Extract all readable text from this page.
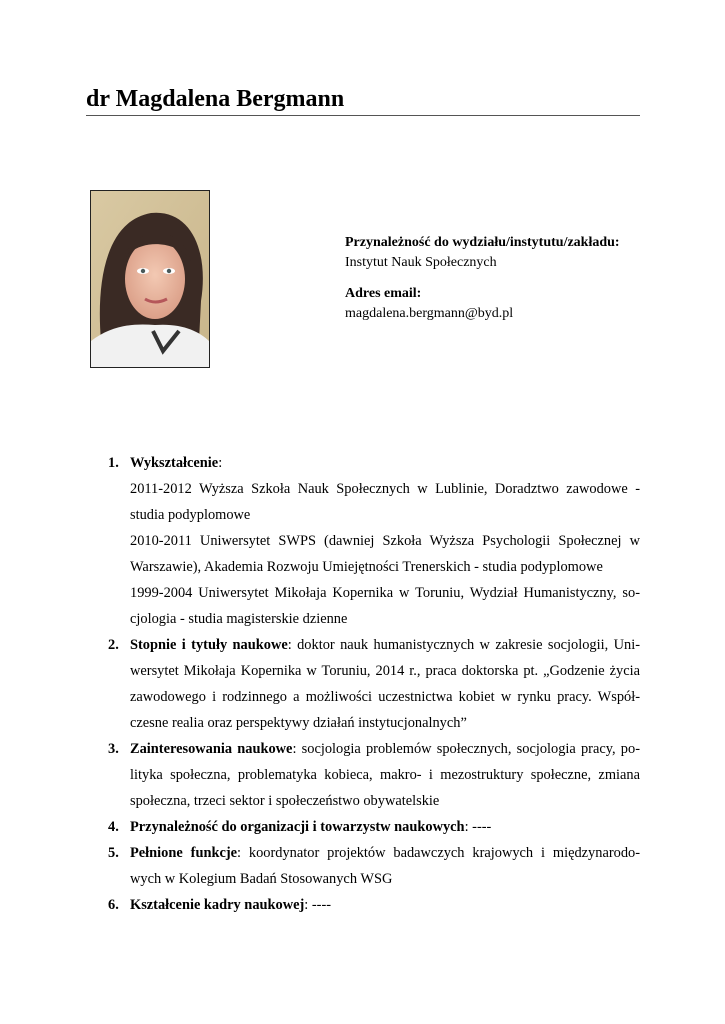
dr Magdalena Bergmann
Przynależność do wydziału/instytutu/zakładu:
Instytut Nauk Społecznych
Adres email:
magdalena.bergmann@byd.pl
1. Wykształcenie:
2011-2012 Wyższa Szkoła Nauk Społecznych w Lublinie, Doradztwo zawodowe -
studia podyplomowe
2010-2011 Uniwersytet SWPS (dawniej Szkoła Wyższa Psychologii Społecznej w
Warszawie), Akademia Rozwoju Umiejętności Trenerskich - studia podyplomowe
1999-2004 Uniwersytet Mikołaja Kopernika w Toruniu, Wydział Humanistyczny, so-
cjologia - studia magisterskie dzienne
2. Stopnie i tytuły naukowe: doktor nauk humanistycznych w zakresie socjologii, Uni-
wersytet Mikołaja Kopernika w Toruniu, 2014 r., praca doktorska pt. „Godzenie życia
zawodowego i rodzinnego a możliwości uczestnictwa kobiet w rynku pracy. Współ-
czesne realia oraz perspektywy działań instytucjonalnych”
3. Zainteresowania naukowe: socjologia problemów społecznych, socjologia pracy, po-
lityka społeczna, problematyka kobieca, makro- i mezostruktury społeczne, zmiana
społeczna, trzeci sektor i społeczeństwo obywatelskie
4. Przynależność do organizacji i towarzystw naukowych: ----
5. Pełnione funkcje: koordynator projektów badawczych krajowych i międzynarodo-
wych w Kolegium Badań Stosowanych WSG
6. Kształcenie kadry naukowej: ----
